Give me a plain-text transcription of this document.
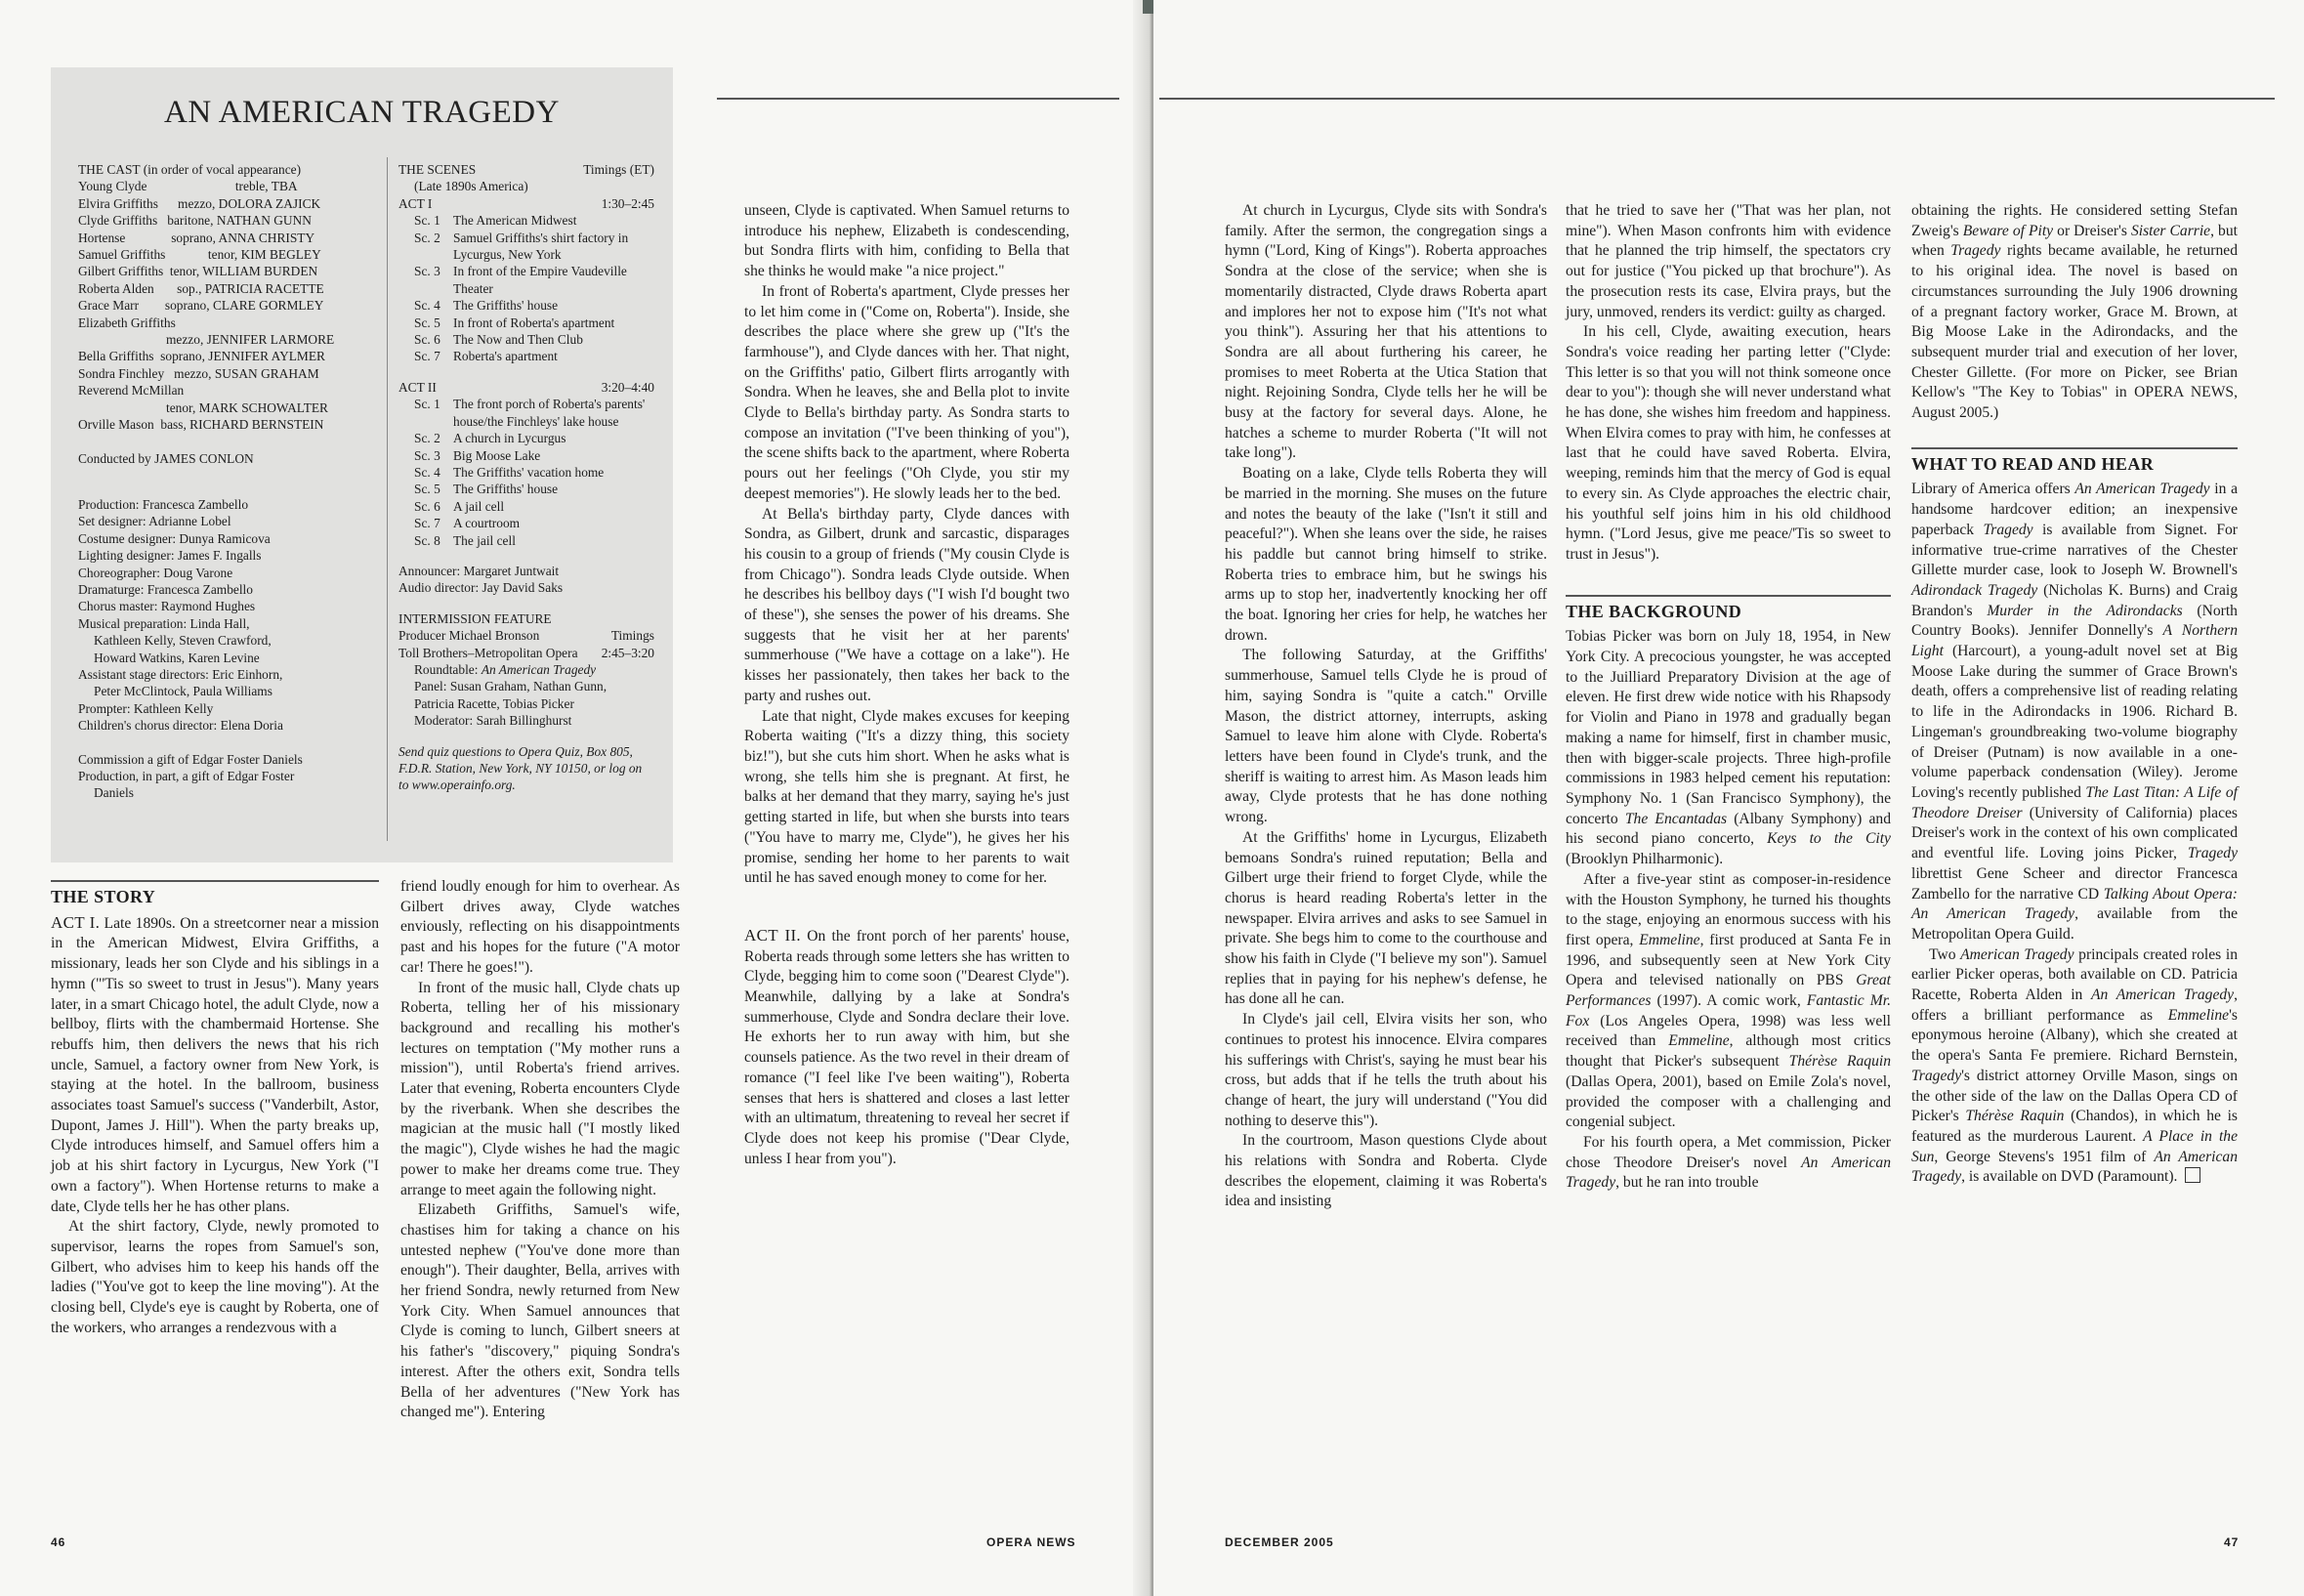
AN AMERICAN TRAGEDY
THE CAST (in order of vocal appearance)
Young Clyde                           treble, TBA
Elvira Griffiths      mezzo, DOLORA ZAJICK
Clyde Griffiths   baritone, NATHAN GUNN
Hortense              soprano, ANNA CHRISTY
Samuel Griffiths             tenor, KIM BEGLEY
Gilbert Griffiths  tenor, WILLIAM BURDEN
Roberta Alden       sop., PATRICIA RACETTE
Grace Marr        soprano, CLARE GORMLEY
Elizabeth Griffiths
mezzo, JENNIFER LARMORE
Bella Griffiths  soprano, JENNIFER AYLMER
Sondra Finchley   mezzo, SUSAN GRAHAM
Reverend McMillan
tenor, MARK SCHOWALTER
Orville Mason  bass, RICHARD BERNSTEIN
Conducted by JAMES CONLON
Production: Francesca Zambello
Set designer: Adrianne Lobel
Costume designer: Dunya Ramicova
Lighting designer: James F. Ingalls
Choreographer: Doug Varone
Dramaturge: Francesca Zambello
Chorus master: Raymond Hughes
Musical preparation: Linda Hall,
Kathleen Kelly, Steven Crawford,
Howard Watkins, Karen Levine
Assistant stage directors: Eric Einhorn,
Peter McClintock, Paula Williams
Prompter: Kathleen Kelly
Children's chorus director: Elena Doria
Commission a gift of Edgar Foster Daniels
Production, in part, a gift of Edgar Foster
Daniels
THE SCENES	Timings (ET)
(Late 1890s America)
ACT I	1:30–2:45
Sc. 1 The American Midwest
Sc. 2 Samuel Griffiths's shirt factory in Lycurgus, New York
Sc. 3 In front of the Empire Vaudeville Theater
Sc. 4 The Griffiths' house
Sc. 5 In front of Roberta's apartment
Sc. 6 The Now and Then Club
Sc. 7 Roberta's apartment
ACT II	3:20–4:40
Sc. 1 The front porch of Roberta's parents' house/the Finchleys' lake house
Sc. 2 A church in Lycurgus
Sc. 3 Big Moose Lake
Sc. 4 The Griffiths' vacation home
Sc. 5 The Griffiths' house
Sc. 6 A jail cell
Sc. 7 A courtroom
Sc. 8 The jail cell
Announcer: Margaret Juntwait
Audio director: Jay David Saks
INTERMISSION FEATURE
Producer Michael Bronson	Timings
Toll Brothers–Metropolitan Opera 2:45–3:20
Roundtable: An American Tragedy
Panel: Susan Graham, Nathan Gunn,
Patricia Racette, Tobias Picker
Moderator: Sarah Billinghurst
Send quiz questions to Opera Quiz, Box 805, F.D.R. Station, New York, NY 10150, or log on to www.operainfo.org.
THE STORY

ACT I. Late 1890s. On a streetcorner near a mission in the American Midwest, Elvira Griffiths, a missionary, leads her son Clyde and his siblings in a hymn ("'Tis so sweet to trust in Jesus"). Many years later, in a smart Chicago hotel, the adult Clyde, now a bellboy, flirts with the chambermaid Hortense. She rebuffs him, then delivers the news that his rich uncle, Samuel, a factory owner from New York, is staying at the hotel. In the ballroom, business associates toast Samuel's success ("Vanderbilt, Astor, Dupont, James J. Hill"). When the party breaks up, Clyde introduces himself, and Samuel offers him a job at his shirt factory in Lycurgus, New York ("I own a factory"). When Hortense returns to make a date, Clyde tells her he has other plans.

At the shirt factory, Clyde, newly promoted to supervisor, learns the ropes from Samuel's son, Gilbert, who advises him to keep his hands off the ladies ("You've got to keep the line moving"). At the closing bell, Clyde's eye is caught by Roberta, one of the workers, who arranges a rendezvous with a

friend loudly enough for him to overhear. As Gilbert drives away, Clyde watches enviously, reflecting on his disappointments past and his hopes for the future ("A motor car! There he goes!").

In front of the music hall, Clyde chats up Roberta, telling her of his missionary background and recalling his mother's lectures on temptation ("My mother runs a mission"), until Roberta's friend arrives. Later that evening, Roberta encounters Clyde by the riverbank. When she describes the magician at the music hall ("I mostly liked the magic"), Clyde wishes he had the magic power to make her dreams come true. They arrange to meet again the following night.

Elizabeth Griffiths, Samuel's wife, chastises him for taking a chance on his untested nephew ("You've done more than enough"). Their daughter, Bella, arrives with her friend Sondra, newly returned from New York City. When Samuel announces that Clyde is coming to lunch, Gilbert sneers at his father's "discovery," piquing Sondra's interest. After the others exit, Sondra tells Bella of her adventures ("New York has changed me"). Entering

unseen, Clyde is captivated. When Samuel returns to introduce his nephew, Elizabeth is condescending, but Sondra flirts with him, confiding to Bella that she thinks he would make "a nice project."

In front of Roberta's apartment, Clyde presses her to let him come in ("Come on, Roberta"). Inside, she describes the place where she grew up ("It's the farmhouse"), and Clyde dances with her. That night, on the Griffiths' patio, Gilbert flirts arrogantly with Sondra. When he leaves, she and Bella plot to invite Clyde to Bella's birthday party. As Sondra starts to compose an invitation ("I've been thinking of you"), the scene shifts back to the apartment, where Roberta pours out her feelings ("Oh Clyde, you stir my deepest memories"). He slowly leads her to the bed.

At Bella's birthday party, Clyde dances with Sondra, as Gilbert, drunk and sarcastic, disparages his cousin to a group of friends ("My cousin Clyde is from Chicago"). Sondra leads Clyde outside. When he describes his bellboy days ("I wish I'd bought two of these"), she senses the power of his dreams. She suggests that he visit her at her parents' summerhouse ("We have a cottage on a lake"). He kisses her passionately, then takes her back to the party and rushes out.

Late that night, Clyde makes excuses for keeping Roberta waiting ("It's a dizzy thing, this society biz!"), but she cuts him short. When he asks what is wrong, she tells him she is pregnant. At first, he balks at her demand that they marry, saying he's just getting started in life, but when she bursts into tears ("You have to marry me, Clyde"), he gives her his promise, sending her home to her parents to wait until he has saved enough money to come for her.

ACT II. On the front porch of her parents' house, Roberta reads through some letters she has written to Clyde, begging him to come soon ("Dearest Clyde"). Meanwhile, dallying by a lake at Sondra's summerhouse, Clyde and Sondra declare their love. He exhorts her to run away with him, but she counsels patience. As the two revel in their dream of romance ("I feel like I've been waiting"), Roberta senses that hers is shattered and closes a last letter with an ultimatum, threatening to reveal her secret if Clyde does not keep his promise ("Dear Clyde, unless I hear from you").

46	OPERA NEWS

At church in Lycurgus, Clyde sits with Sondra's family. After the sermon, the congregation sings a hymn ("Lord, King of Kings"). Roberta approaches Sondra at the close of the service; when she is momentarily distracted, Clyde draws Roberta apart and implores her not to expose him ("It's not what you think"). Assuring her that his attentions to Sondra are all about furthering his career, he promises to meet Roberta at the Utica Station that night. Rejoining Sondra, Clyde tells her he will be busy at the factory for several days. Alone, he hatches a scheme to murder Roberta ("It will not take long").

Boating on a lake, Clyde tells Roberta they will be married in the morning. She muses on the future and notes the beauty of the lake ("Isn't it still and peaceful?"). When she leans over the side, he raises his paddle but cannot bring himself to strike. Roberta tries to embrace him, but he swings his arms up to stop her, inadvertently knocking her off the boat. Ignoring her cries for help, he watches her drown.

The following Saturday, at the Griffiths' summerhouse, Samuel tells Clyde he is proud of him, saying Sondra is "quite a catch." Orville Mason, the district attorney, interrupts, asking Samuel to leave him alone with Clyde. Roberta's letters have been found in Clyde's trunk, and the sheriff is waiting to arrest him. As Mason leads him away, Clyde protests that he has done nothing wrong.

At the Griffiths' home in Lycurgus, Elizabeth bemoans Sondra's ruined reputation; Bella and Gilbert urge their friend to forget Clyde, while the chorus is heard reading Roberta's letter in the newspaper. Elvira arrives and asks to see Samuel in private. She begs him to come to the courthouse and show his faith in Clyde ("I believe my son"). Samuel replies that in paying for his nephew's defense, he has done all he can.

In Clyde's jail cell, Elvira visits her son, who continues to protest his innocence. Elvira compares his sufferings with Christ's, saying he must bear his cross, but adds that if he tells the truth about his change of heart, the jury will understand ("You did nothing to deserve this").

In the courtroom, Mason questions Clyde about his relations with Sondra and Roberta. Clyde describes the elopement, claiming it was Roberta's idea and insisting

that he tried to save her ("That was her plan, not mine"). When Mason confronts him with evidence that he planned the trip himself, the spectators cry out for justice ("You picked up that brochure"). As the prosecution rests its case, Elvira prays, but the jury, unmoved, renders its verdict: guilty as charged.

In his cell, Clyde, awaiting execution, hears Sondra's voice reading her parting letter ("Clyde: This letter is so that you will not think someone once dear to you"): though she will never understand what he has done, she wishes him freedom and happiness. When Elvira comes to pray with him, he confesses at last that he could have saved Roberta. Elvira, weeping, reminds him that the mercy of God is equal to every sin. As Clyde approaches the electric chair, his youthful self joins him in his old childhood hymn. ("Lord Jesus, give me peace/'Tis so sweet to trust in Jesus").

THE BACKGROUND

Tobias Picker was born on July 18, 1954, in New York City. A precocious youngster, he was accepted to the Juilliard Preparatory Division at the age of eleven. He first drew wide notice with his Rhapsody for Violin and Piano in 1978 and gradually began making a name for himself, first in chamber music, then with bigger-scale projects. Three high-profile commissions in 1983 helped cement his reputation: Symphony No. 1 (San Francisco Symphony), the concerto The Encantadas (Albany Symphony) and his second piano concerto, Keys to the City (Brooklyn Philharmonic).

After a five-year stint as composer-in-residence with the Houston Symphony, he turned his thoughts to the stage, enjoying an enormous success with his first opera, Emmeline, first produced at Santa Fe in 1996, and subsequently seen at New York City Opera and televised nationally on PBS Great Performances (1997). A comic work, Fantastic Mr. Fox (Los Angeles Opera, 1998) was less well received than Emmeline, although most critics thought that Picker's subsequent Thérèse Raquin (Dallas Opera, 2001), based on Emile Zola's novel, provided the composer with a challenging and congenial subject.

For his fourth opera, a Met commission, Picker chose Theodore Dreiser's novel An American Tragedy, but he ran into trouble

obtaining the rights. He considered setting Stefan Zweig's Beware of Pity or Dreiser's Sister Carrie, but when Tragedy rights became available, he returned to his original idea. The novel is based on circumstances surrounding the July 1906 drowning of a pregnant factory worker, Grace M. Brown, at Big Moose Lake in the Adirondacks, and the subsequent murder trial and execution of her lover, Chester Gillette. (For more on Picker, see Brian Kellow's "The Key to Tobias" in OPERA NEWS, August 2005.)

WHAT TO READ AND HEAR

Library of America offers An American Tragedy in a handsome hardcover edition; an inexpensive paperback Tragedy is available from Signet. For informative true-crime narratives of the Chester Gillette murder case, look to Joseph W. Brownell's Adirondack Tragedy (Nicholas K. Burns) and Craig Brandon's Murder in the Adirondacks (North Country Books). Jennifer Donnelly's A Northern Light (Harcourt), a young-adult novel set at Big Moose Lake during the summer of Grace Brown's death, offers a comprehensive list of reading relating to life in the Adirondacks in 1906. Richard B. Lingeman's groundbreaking two-volume biography of Dreiser (Putnam) is now available in a one-volume paperback condensation (Wiley). Jerome Loving's recently published The Last Titan: A Life of Theodore Dreiser (University of California) places Dreiser's work in the context of his own complicated and eventful life. Loving joins Picker, Tragedy librettist Gene Scheer and director Francesca Zambello for the narrative CD Talking About Opera: An American Tragedy, available from the Metropolitan Opera Guild.

Two American Tragedy principals created roles in earlier Picker operas, both available on CD. Patricia Racette, Roberta Alden in An American Tragedy, offers a brilliant performance as Emmeline's eponymous heroine (Albany), which she created at the opera's Santa Fe premiere. Richard Bernstein, Tragedy's district attorney Orville Mason, sings on the other side of the law on the Dallas Opera CD of Picker's Thérèse Raquin (Chandos), in which he is featured as the murderous Laurent. A Place in the Sun, George Stevens's 1951 film of An American Tragedy, is available on DVD (Paramount).

DECEMBER 2005	47
